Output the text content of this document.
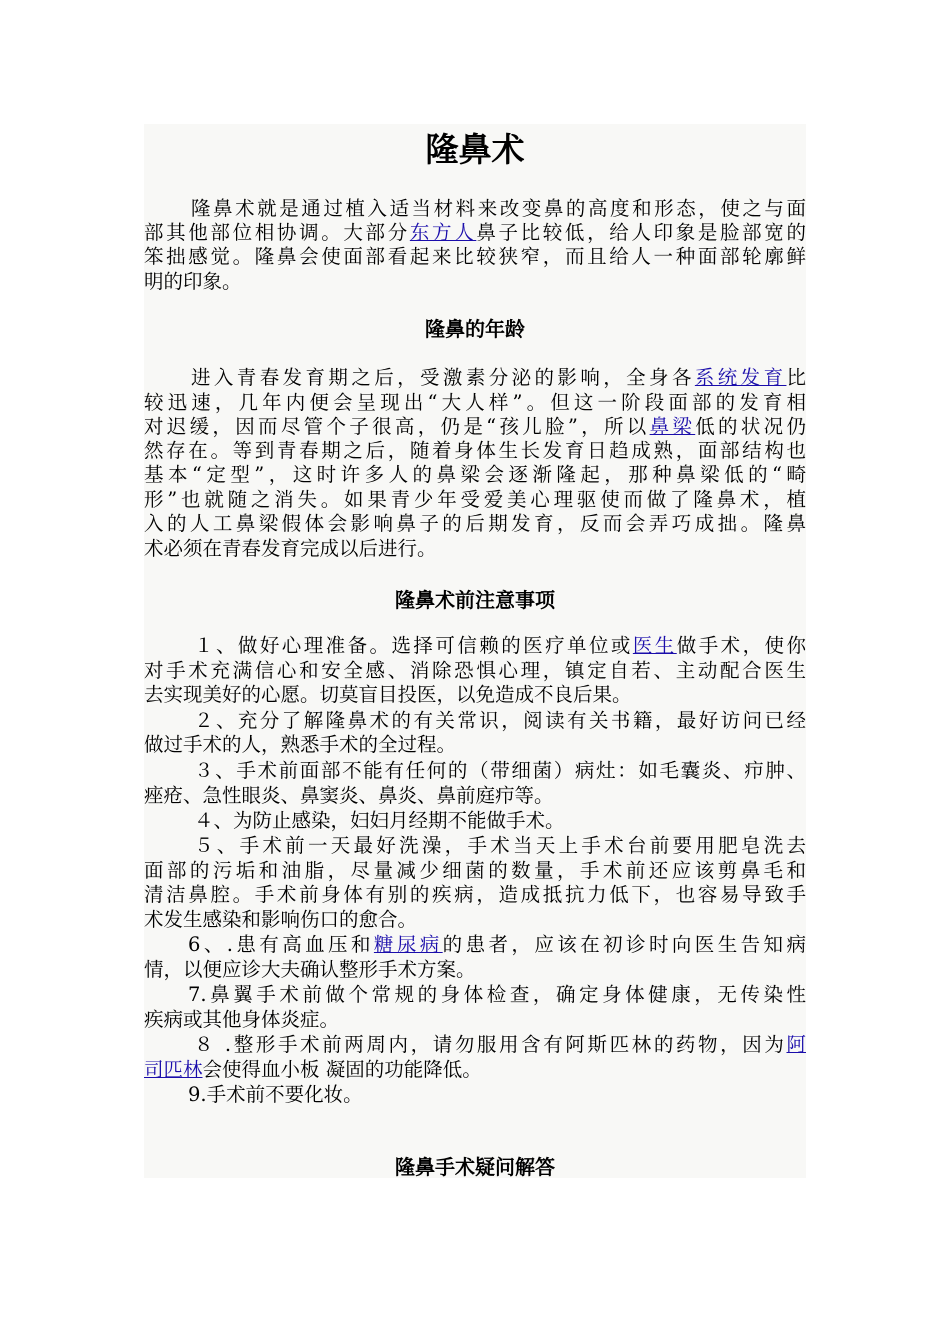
隆鼻术
隆鼻术就是通过植入适当材料来改变鼻的高度和形态，使之与面
部其他部位相协调。大部分东方人鼻子比较低，给人印象是脸部宽的
笨拙感觉。隆鼻会使面部看起来比较狭窄，而且给人一种面部轮廓鲜
明的印象。
隆鼻的年龄
进入青春发育期之后，受激素分泌的影响，全身各系统发育比
较迅速，几年内便会呈现出“大人样”。但这一阶段面部的发育相
对迟缓，因而尽管个子很高，仍是“孩儿脸”，所以鼻梁低的状况仍
然存在。等到青春期之后，随着身体生长发育日趋成熟，面部结构也
基本“定型”，这时许多人的鼻梁会逐渐隆起，那种鼻梁低的“畸
形”也就随之消失。如果青少年受爱美心理驱使而做了隆鼻术，植
入的人工鼻梁假体会影响鼻子的后期发育，反而会弄巧成拙。隆鼻
术必须在青春发育完成以后进行。
隆鼻术前注意事项
１、做好心理准备。选择可信赖的医疗单位或医生做手术，使你
对手术充满信心和安全感、消除恐惧心理，镇定自若、主动配合医生
去实现美好的心愿。切莫盲目投医，以免造成不良后果。
２、充分了解隆鼻术的有关常识，阅读有关书籍，最好访问已经
做过手术的人，熟悉手术的全过程。
３、手术前面部不能有任何的（带细菌）病灶：如毛囊炎、疖肿、
痤疮、急性眼炎、鼻窦炎、鼻炎、鼻前庭疖等。
４、为防止感染，妇妇月经期不能做手术。
５、手术前一天最好洗澡，手术当天上手术台前要用肥皂洗去
面部的污垢和油脂，尽量减少细菌的数量，手术前还应该剪鼻毛和
清洁鼻腔。手术前身体有别的疾病，造成抵抗力低下，也容易导致手
术发生感染和影响伤口的愈合。
6、.患有高血压和糖尿病的患者，应该在初诊时向医生告知病
情，以便应诊大夫确认整形手术方案。
7.鼻翼手术前做个常规的身体检查，确定身体健康，无传染性
疾病或其他身体炎症。
８ .整形手术前两周内，请勿服用含有阿斯匹林的药物，因为阿
司匹林会使得血小板 凝固的功能降低。
9.手术前不要化妆。
隆鼻手术疑问解答
